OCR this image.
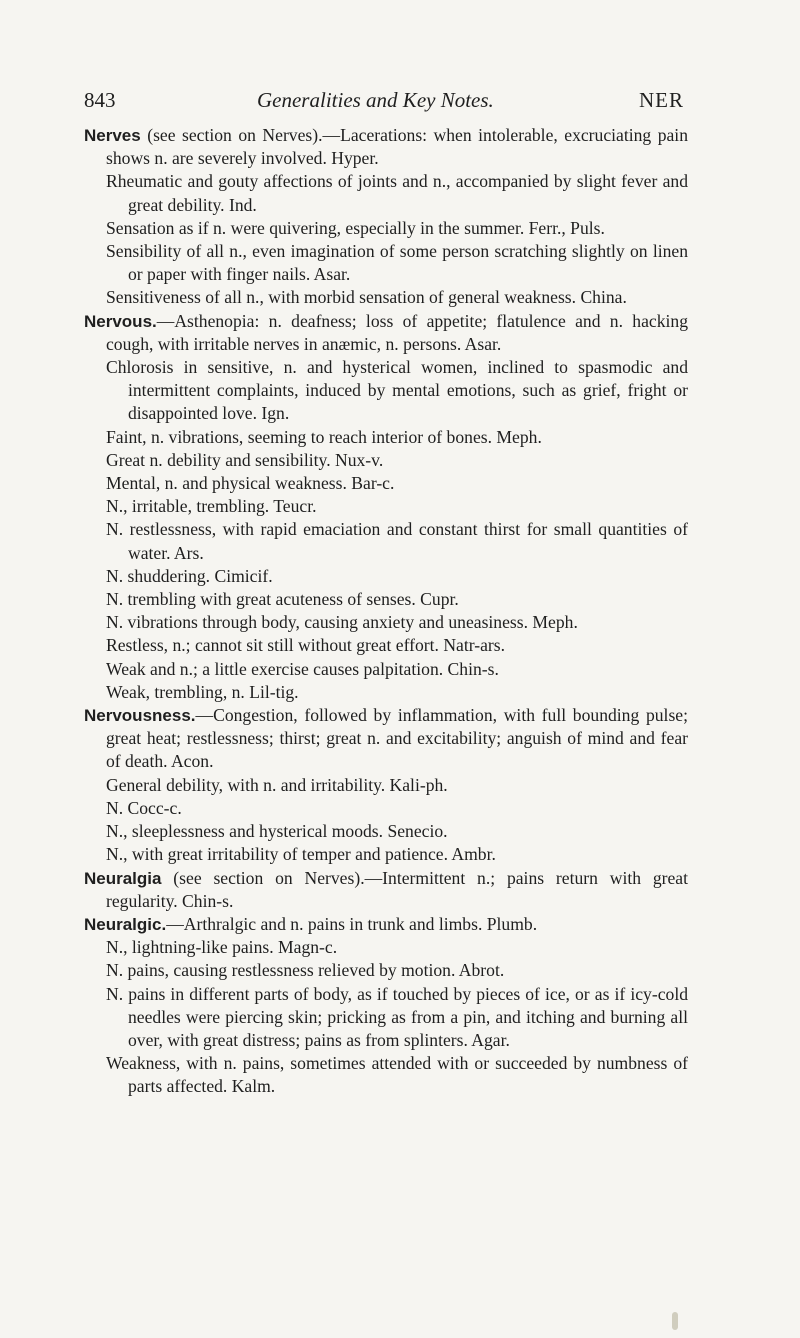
843	Generalities and Key Notes.	NER

Nerves (see section on Nerves).—Lacerations: when intolerable, excruciating pain shows n. are severely involved. Hyper.

Rheumatic and gouty affections of joints and n., accompanied by slight fever and great debility. Ind.

Sensation as if n. were quivering, especially in the summer. Ferr., Puls.

Sensibility of all n., even imagination of some person scratching slightly on linen or paper with finger nails. Asar.

Sensitiveness of all n., with morbid sensation of general weakness. China.

Nervous.—Asthenopia: n. deafness; loss of appetite; flatulence and n. hacking cough, with irritable nerves in anæmic, n. persons. Asar.

Chlorosis in sensitive, n. and hysterical women, inclined to spasmodic and intermittent complaints, induced by mental emotions, such as grief, fright or disappointed love. Ign.

Faint, n. vibrations, seeming to reach interior of bones. Meph.

Great n. debility and sensibility. Nux-v.

Mental, n. and physical weakness. Bar-c.

N., irritable, trembling. Teucr.

N. restlessness, with rapid emaciation and constant thirst for small quantities of water. Ars.

N. shuddering. Cimicif.

N. trembling with great acuteness of senses. Cupr.

N. vibrations through body, causing anxiety and uneasiness. Meph.

Restless, n.; cannot sit still without great effort. Natr-ars.

Weak and n.; a little exercise causes palpitation. Chin-s.

Weak, trembling, n. Lil-tig.

Nervousness.—Congestion, followed by inflammation, with full bounding pulse; great heat; restlessness; thirst; great n. and excitability; anguish of mind and fear of death. Acon.

General debility, with n. and irritability. Kali-ph.

N. Cocc-c.

N., sleeplessness and hysterical moods. Senecio.

N., with great irritability of temper and patience. Ambr.

Neuralgia (see section on Nerves).—Intermittent n.; pains return with great regularity. Chin-s.

Neuralgic.—Arthralgic and n. pains in trunk and limbs. Plumb.

N., lightning-like pains. Magn-c.

N. pains, causing restlessness relieved by motion. Abrot.

N. pains in different parts of body, as if touched by pieces of ice, or as if icy-cold needles were piercing skin; pricking as from a pin, and itching and burning all over, with great distress; pains as from splinters. Agar.

Weakness, with n. pains, sometimes attended with or succeeded by numbness of parts affected. Kalm.
